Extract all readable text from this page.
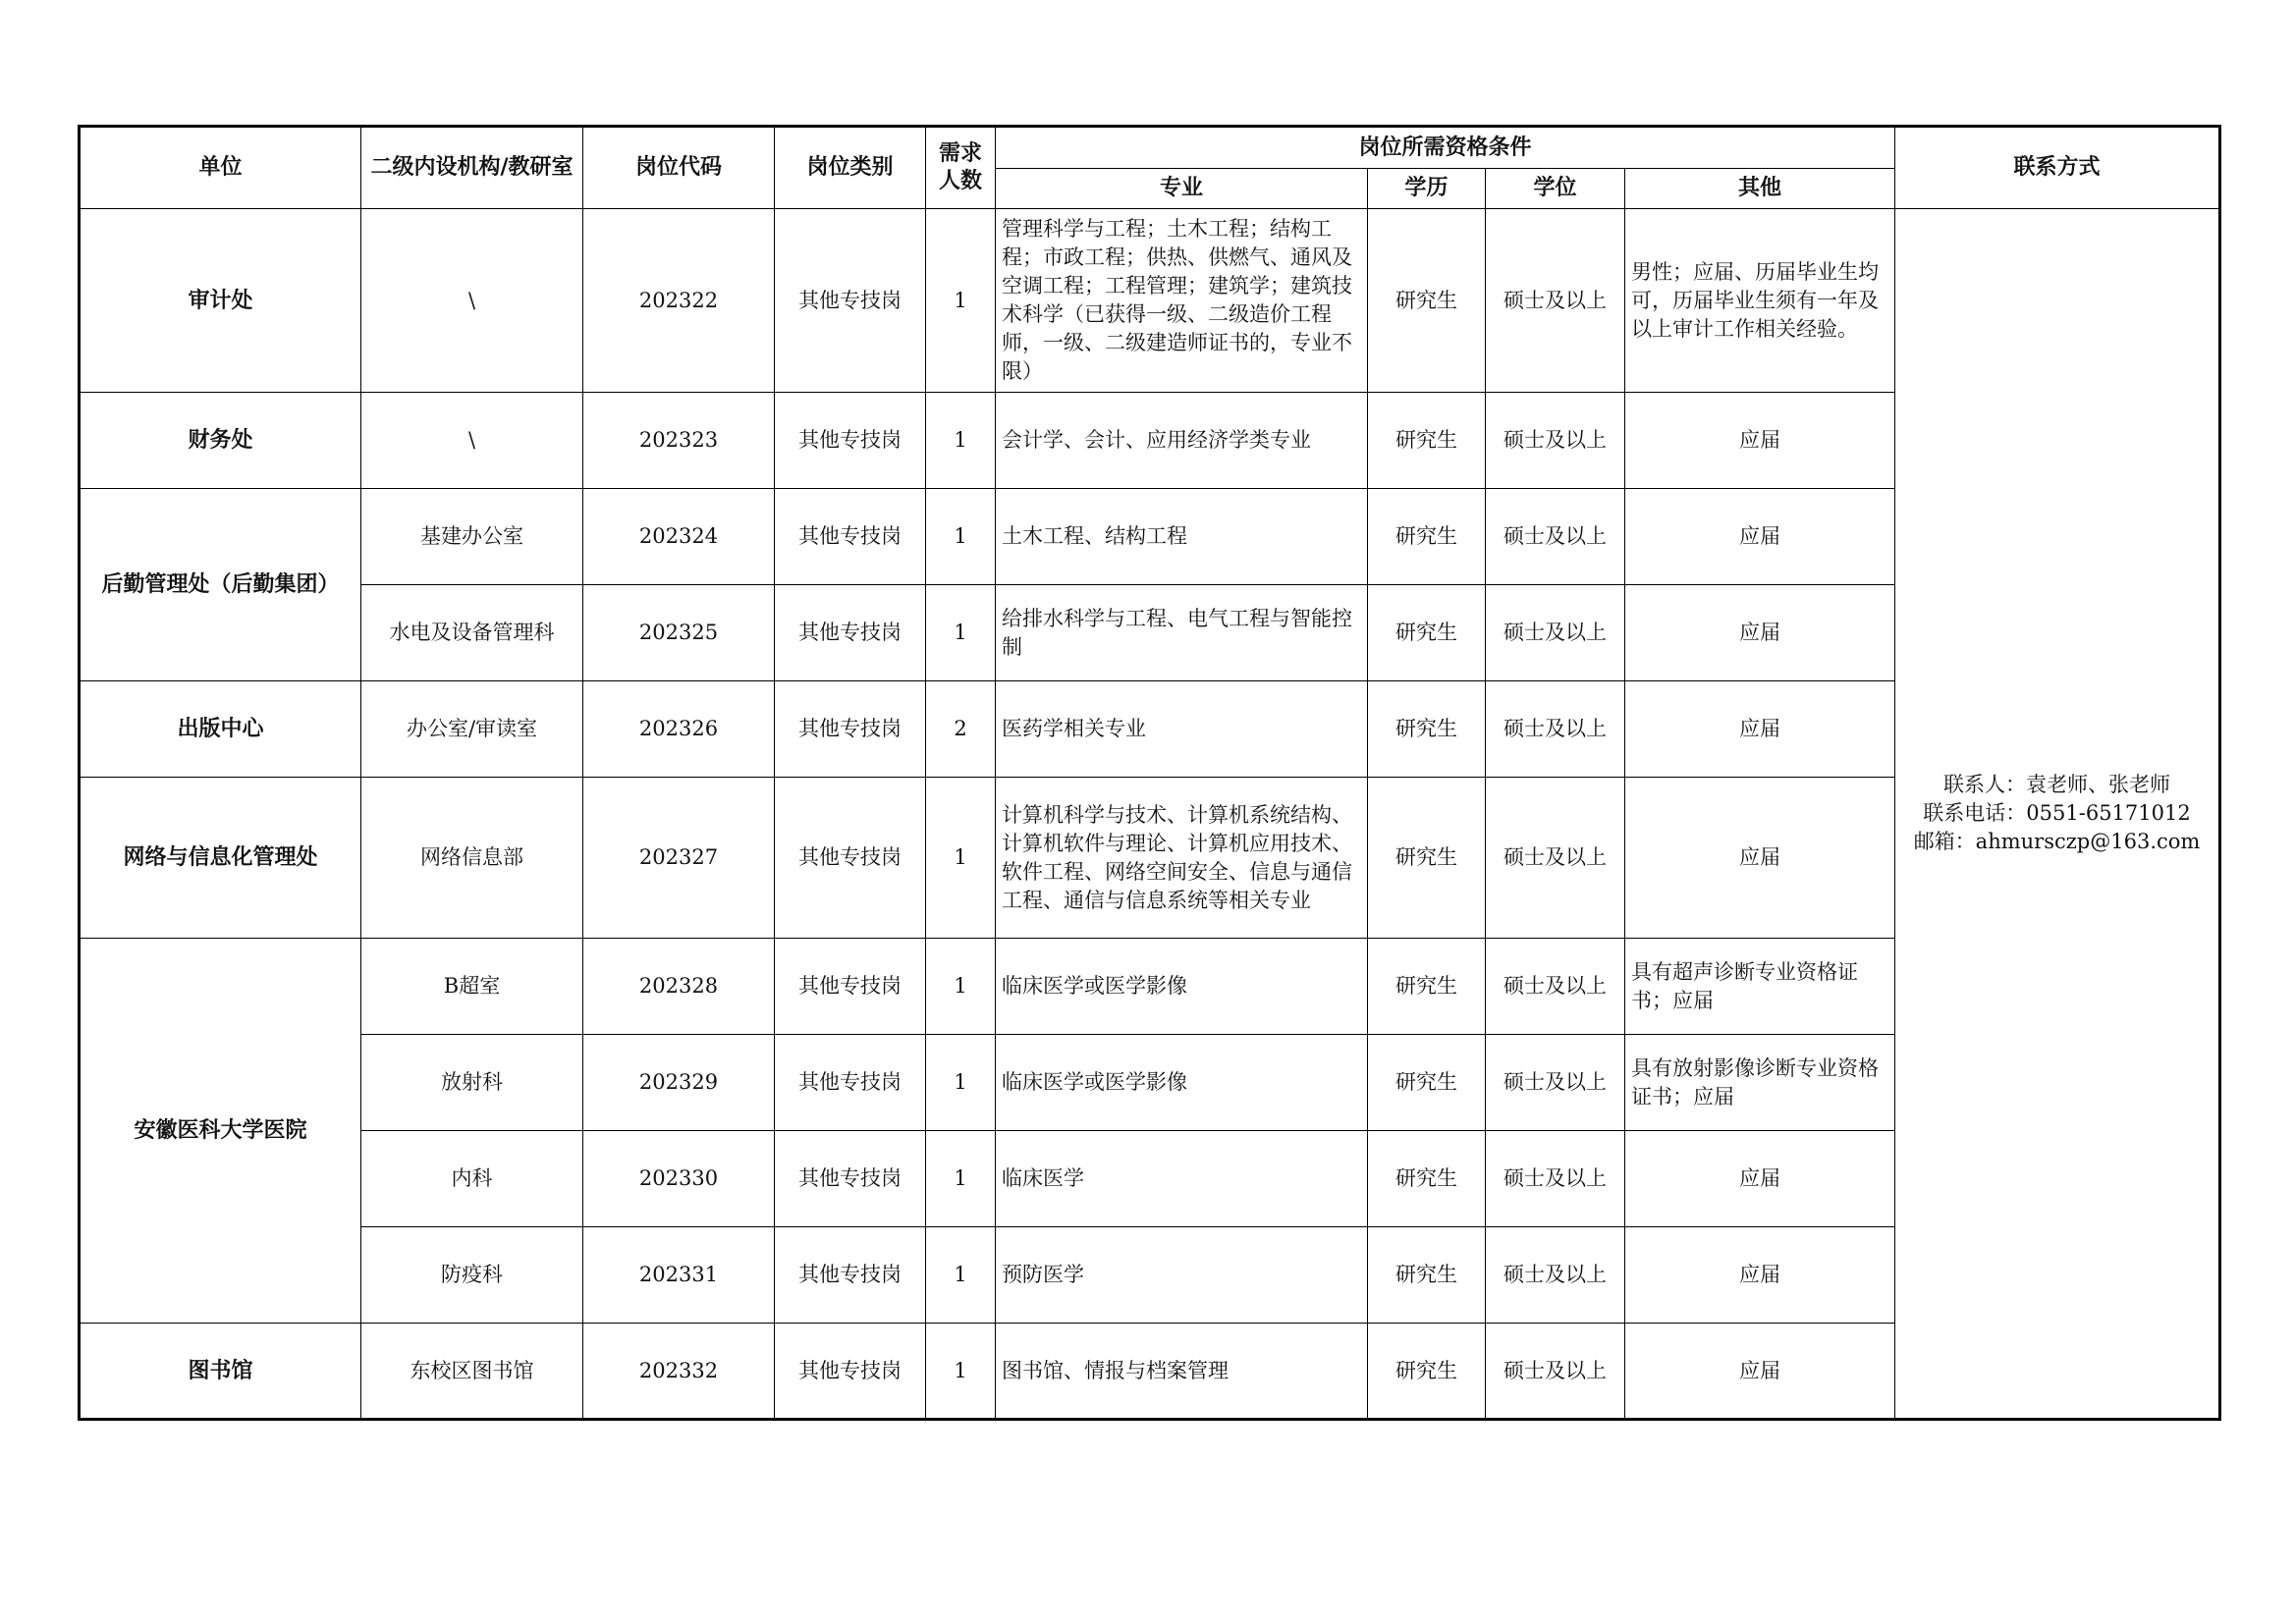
单位	二级内设机构/教研室	岗位代码	岗位类别	需求人数	岗位所需资格条件				联系方式
					专业	学历	学位	其他	
审计处	\	202322	其他专技岗	1	管理科学与工程；土木工程；结构工程；市政工程；供热、供燃气、通风及空调工程；工程管理；建筑学；建筑技术科学（已获得一级、二级造价工程师，一级、二级建造师证书的，专业不限）	研究生	硕士及以上	男性；应届、历届毕业生均可，历届毕业生须有一年及以上审计工作相关经验。	联系人：袁老师、张老师
联系电话：0551-65171012
邮箱：ahmursczp@163.com

财务处	\	202323	其他专技岗	1	会计学、会计、应用经济学类专业	研究生	硕士及以上	应届	
后勤管理处（后勤集团）	基建办公室	202324	其他专技岗	1	土木工程、结构工程	研究生	硕士及以上	应届	
	水电及设备管理科	202325	其他专技岗	1	给排水科学与工程、电气工程与智能控制	研究生	硕士及以上	应届	
出版中心	办公室/审读室	202326	其他专技岗	2	医药学相关专业	研究生	硕士及以上	应届	
网络与信息化管理处	网络信息部	202327	其他专技岗	1	计算机科学与技术、计算机系统结构、计算机软件与理论、计算机应用技术、软件工程、网络空间安全、信息与通信工程、通信与信息系统等相关专业	研究生	硕士及以上	应届	
安徽医科大学医院	B超室	202328	其他专技岗	1	临床医学或医学影像	研究生	硕士及以上	具有超声诊断专业资格证书；应届	
	放射科	202329	其他专技岗	1	临床医学或医学影像	研究生	硕士及以上	具有放射影像诊断专业资格证书；应届	
	内科	202330	其他专技岗	1	临床医学	研究生	硕士及以上	应届	
	防疫科	202331	其他专技岗	1	预防医学	研究生	硕士及以上	应届	
图书馆	东校区图书馆	202332	其他专技岗	1	图书馆、情报与档案管理	研究生	硕士及以上	应届	
